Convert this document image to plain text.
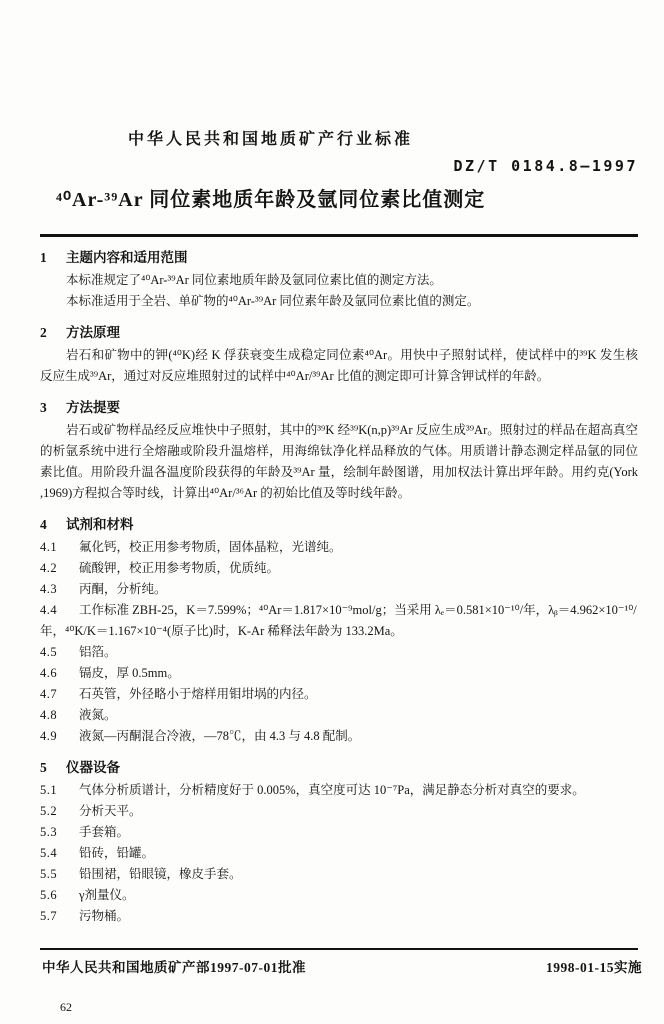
中华人民共和国地质矿产行业标准
DZ/T 0184.8—1997
⁴⁰Ar-³⁹Ar 同位素地质年龄及氩同位素比值测定
1 主题内容和适用范围

本标准规定了⁴⁰Ar-³⁹Ar 同位素地质年龄及氩同位素比值的测定方法。

本标准适用于全岩、单矿物的⁴⁰Ar-³⁹Ar 同位素年龄及氩同位素比值的测定。

2 方法原理

岩石和矿物中的钾(⁴⁰K)经 K 俘获衰变生成稳定同位素⁴⁰Ar。用快中子照射试样，使试样中的³⁹K 发生核反应生成³⁹Ar，通过对反应堆照射过的试样中⁴⁰Ar/³⁹Ar 比值的测定即可计算含钾试样的年龄。

3 方法提要

岩石或矿物样品经反应堆快中子照射，其中的³⁹K 经³⁹K(n,p)³⁹Ar 反应生成³⁹Ar。照射过的样品在超高真空的析氩系统中进行全熔融或阶段升温熔样，用海绵钛净化样品释放的气体。用质谱计静态测定样品氩的同位素比值。用阶段升温各温度阶段获得的年龄及³⁹Ar 量，绘制年龄图谱，用加权法计算出坪年龄。用约克(York ,1969)方程拟合等时线，计算出⁴⁰Ar/³⁶Ar 的初始比值及等时线年龄。

4 试剂和材料

4.1 氟化钙，校正用参考物质，固体晶粒，光谱纯。

4.2 硫酸钾，校正用参考物质，优质纯。

4.3 丙酮，分析纯。

4.4 工作标准 ZBH-25，K＝7.599%；⁴⁰Ar＝1.817×10⁻⁹mol/g；当采用 λₑ＝0.581×10⁻¹⁰/年，λᵦ＝4.962×10⁻¹⁰/年，⁴⁰K/K＝1.167×10⁻⁴(原子比)时，K-Ar 稀释法年龄为 133.2Ma。

4.5 铝箔。

4.6 镉皮，厚 0.5mm。

4.7 石英管，外径略小于熔样用钼坩埚的内径。

4.8 液氮。

4.9 液氮—丙酮混合冷液，—78℃，由 4.3 与 4.8 配制。

5 仪器设备

5.1 气体分析质谱计，分析精度好于 0.005%，真空度可达 10⁻⁷Pa，满足静态分析对真空的要求。

5.2 分析天平。

5.3 手套箱。

5.4 铅砖，铅罐。

5.5 铅围裙，铅眼镜，橡皮手套。

5.6 γ剂量仪。

5.7 污物桶。

中华人民共和国地质矿产部1997-07-01批准	1998-01-15实施
62
